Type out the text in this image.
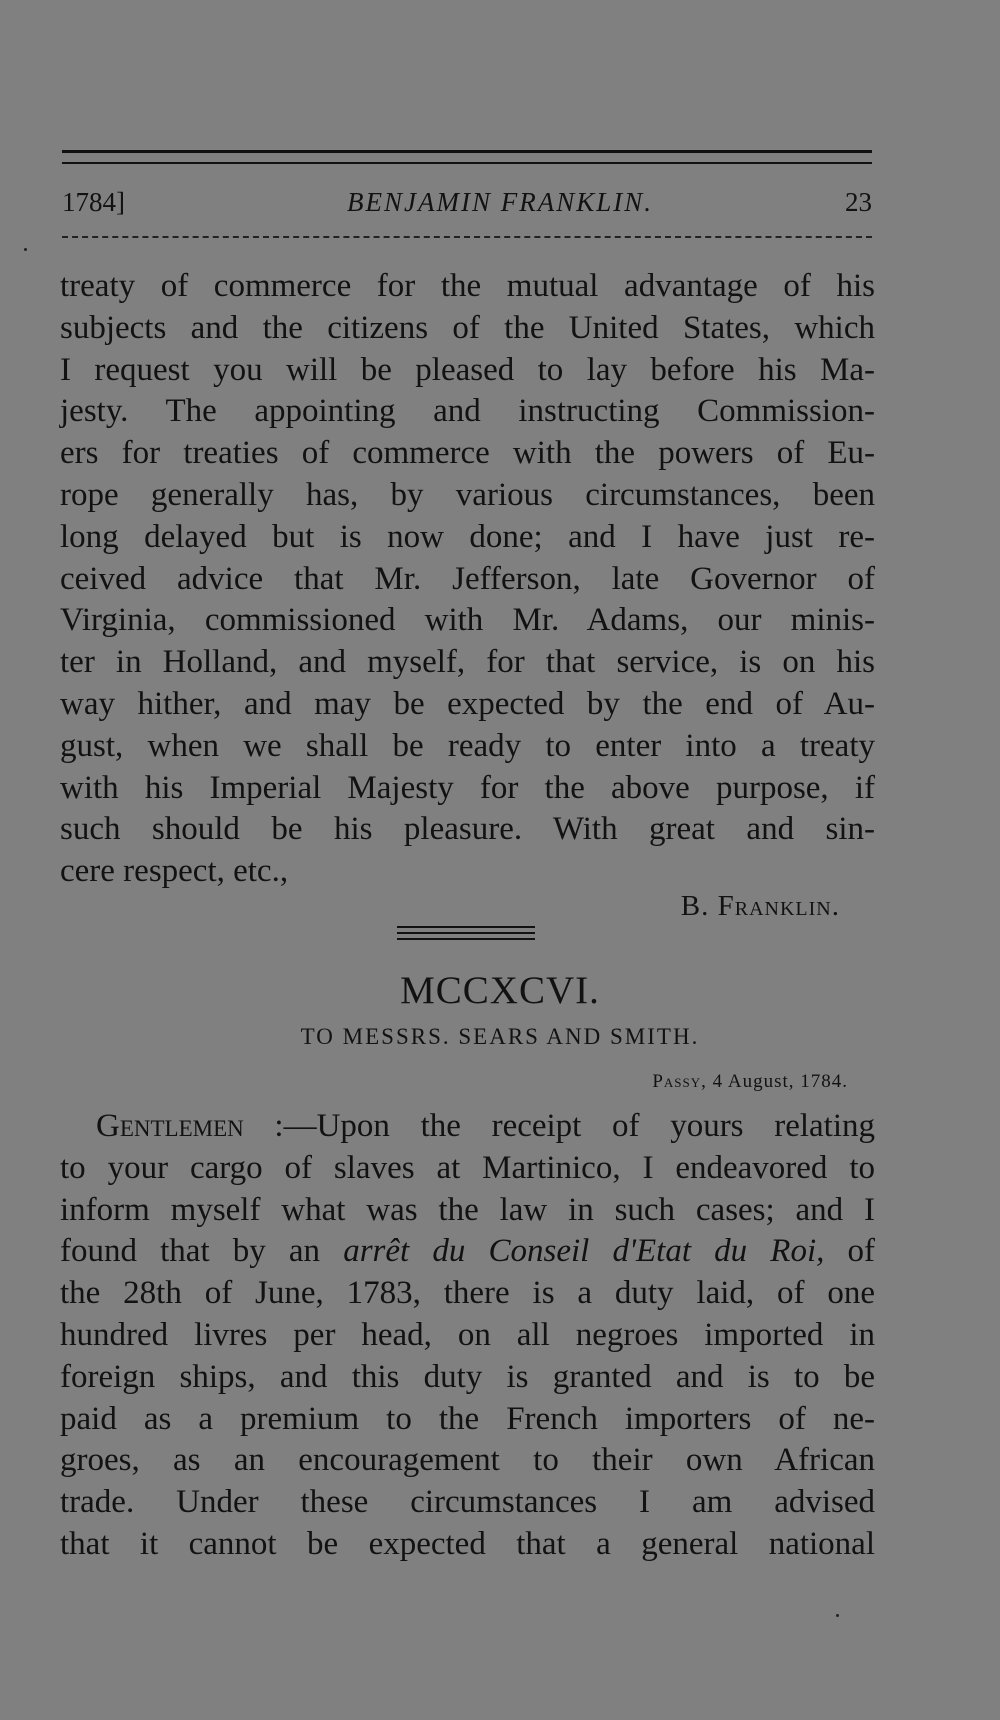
1784]	BENJAMIN FRANKLIN.	23
treaty of commerce for the mutual advantage of his
subjects and the citizens of the United States, which
I request you will be pleased to lay before his Ma-
jesty. The appointing and instructing Commission-
ers for treaties of commerce with the powers of Eu-
rope generally has, by various circumstances, been
long delayed but is now done; and I have just re-
ceived advice that Mr. Jefferson, late Governor of
Virginia, commissioned with Mr. Adams, our minis-
ter in Holland, and myself, for that service, is on his
way hither, and may be expected by the end of Au-
gust, when we shall be ready to enter into a treaty
with his Imperial Majesty for the above purpose, if
such should be his pleasure. With great and sin-
cere respect, etc.,
B. Franklin.
MCCXCVI.
TO MESSRS. SEARS AND SMITH.
Passy, 4 August, 1784.
Gentlemen :—Upon the receipt of yours relating
to your cargo of slaves at Martinico, I endeavored to
inform myself what was the law in such cases; and I
found that by an arrêt du Conseil d'Etat du Roi, of
the 28th of June, 1783, there is a duty laid, of one
hundred livres per head, on all negroes imported in
foreign ships, and this duty is granted and is to be
paid as a premium to the French importers of ne-
groes, as an encouragement to their own African
trade. Under these circumstances I am advised
that it cannot be expected that a general national
